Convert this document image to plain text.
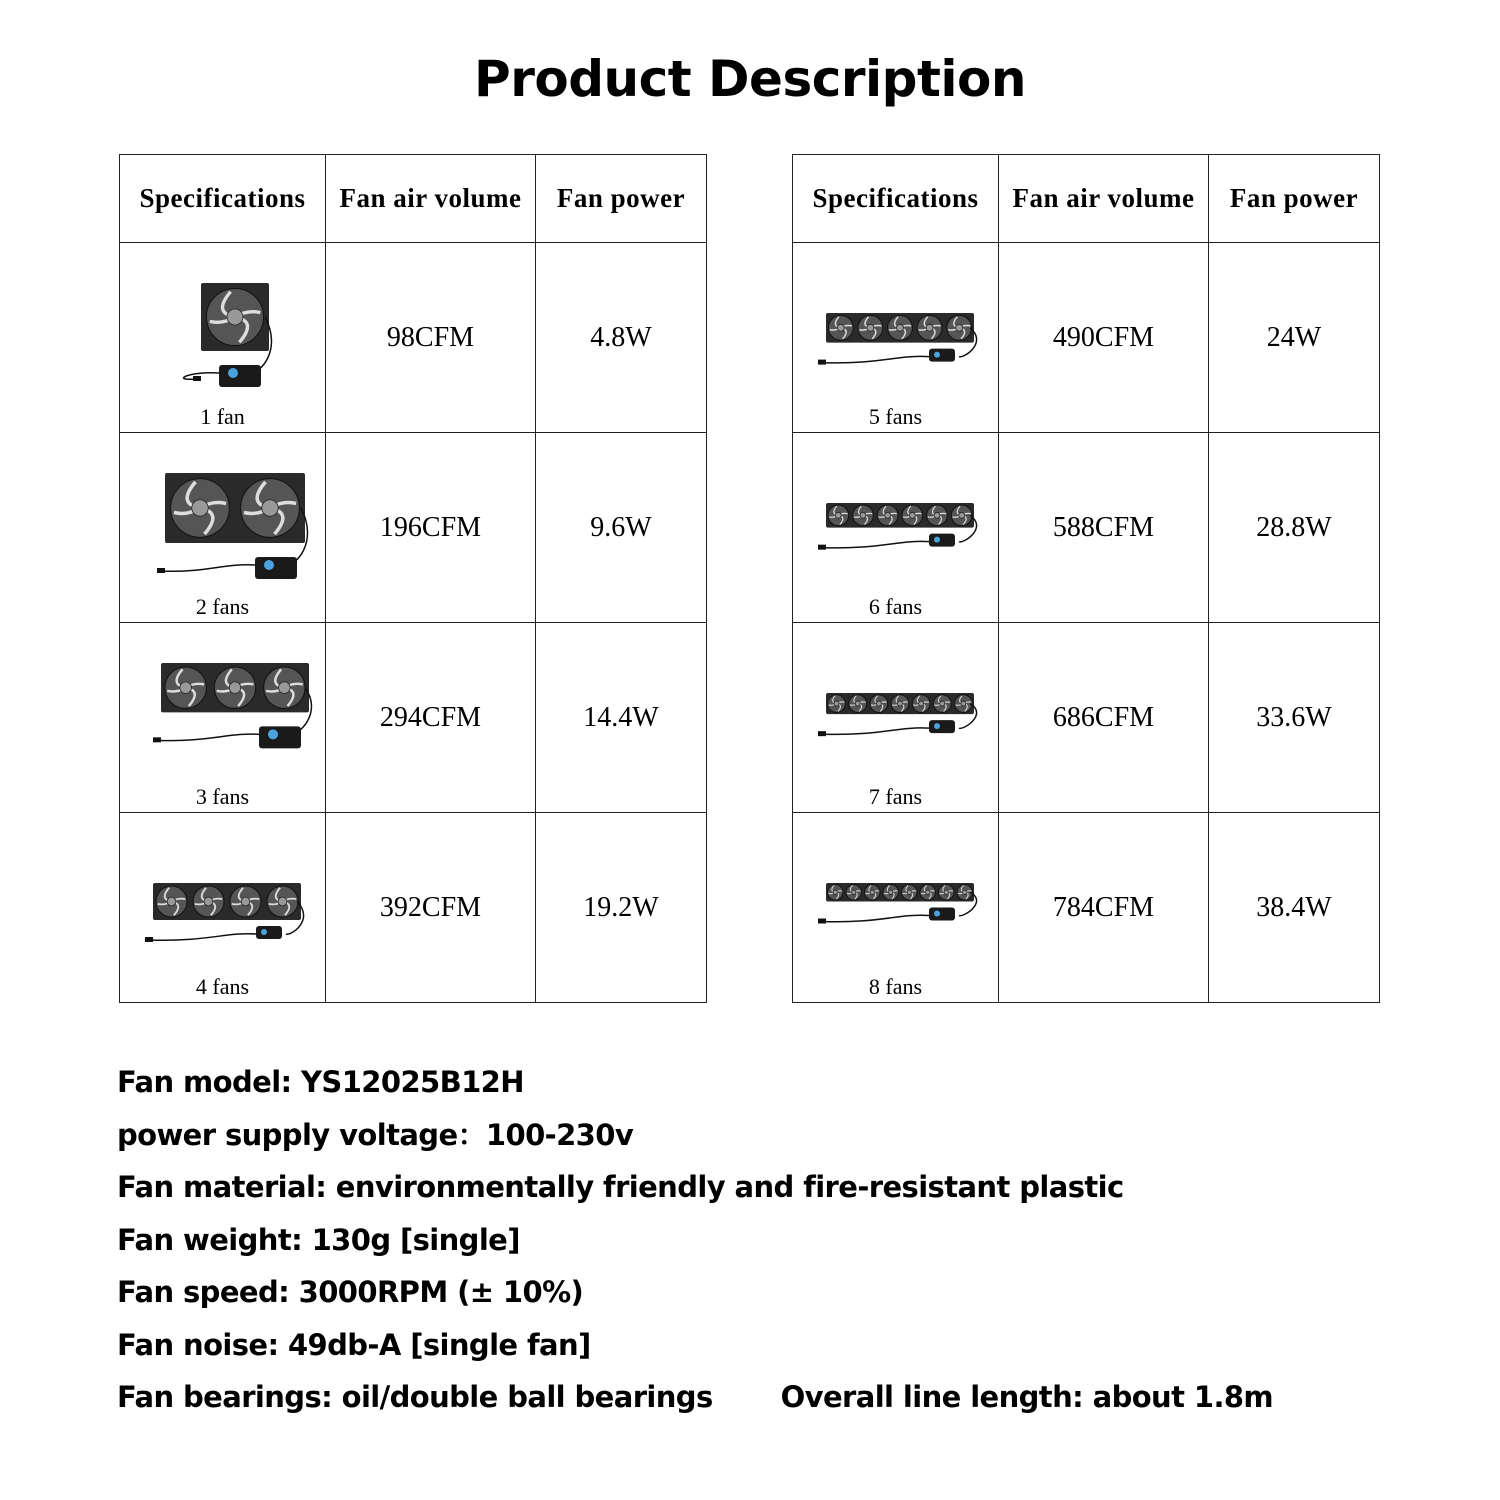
Product Description
Specifications	Fan air volume	Fan power

1 fan	98CFM	4.8W

2 fans	196CFM	9.6W

3 fans	294CFM	14.4W

4 fans	392CFM	19.2W
Specifications	Fan air volume	Fan power

5 fans	490CFM	24W

6 fans	588CFM	28.8W

7 fans	686CFM	33.6W

8 fans	784CFM	38.4W
Fan model: YS12025B12H
power supply voltage：100-230v
Fan material: environmentally friendly and fire-resistant plastic
Fan weight: 130g [single]
Fan speed: 3000RPM (± 10%)
Fan noise: 49db-A [single fan]
Fan bearings: oil/double ball bearings Overall line length: about 1.8m
